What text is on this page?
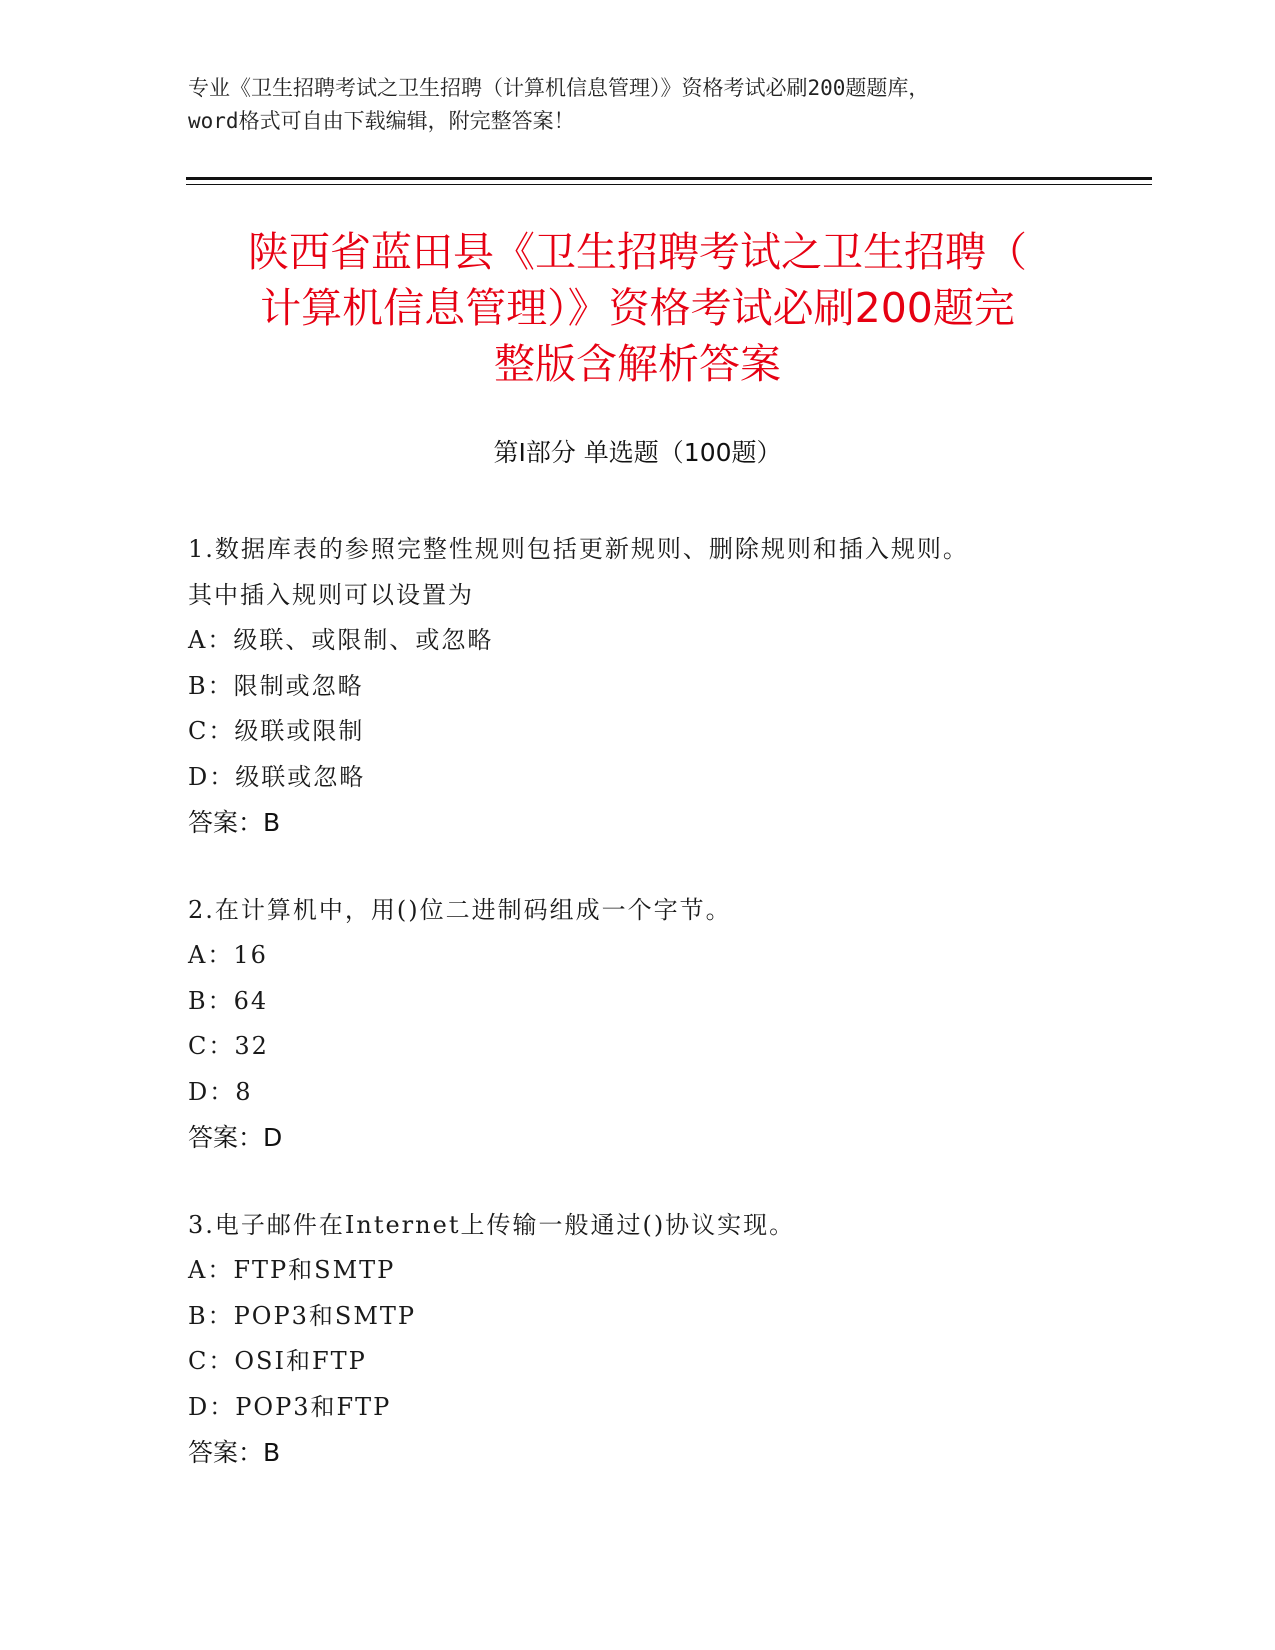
专业《卫生招聘考试之卫生招聘（计算机信息管理）》资格考试必刷200题题库，
word格式可自由下载编辑，附完整答案！
陕西省蓝田县《卫生招聘考试之卫生招聘（
计算机信息管理）》资格考试必刷200题完
整版含解析答案
第Ⅰ部分 单选题（100题）
1.数据库表的参照完整性规则包括更新规则、删除规则和插入规则。
其中插入规则可以设置为
A：级联、或限制、或忽略
B：限制或忽略
C：级联或限制
D：级联或忽略
答案：B
2.在计算机中，用()位二进制码组成一个字节。
A：16
B：64
C：32
D：8
答案：D
3.电子邮件在Internet上传输一般通过()协议实现。
A：FTP和SMTP
B：POP3和SMTP
C：OSI和FTP
D：POP3和FTP
答案：B
